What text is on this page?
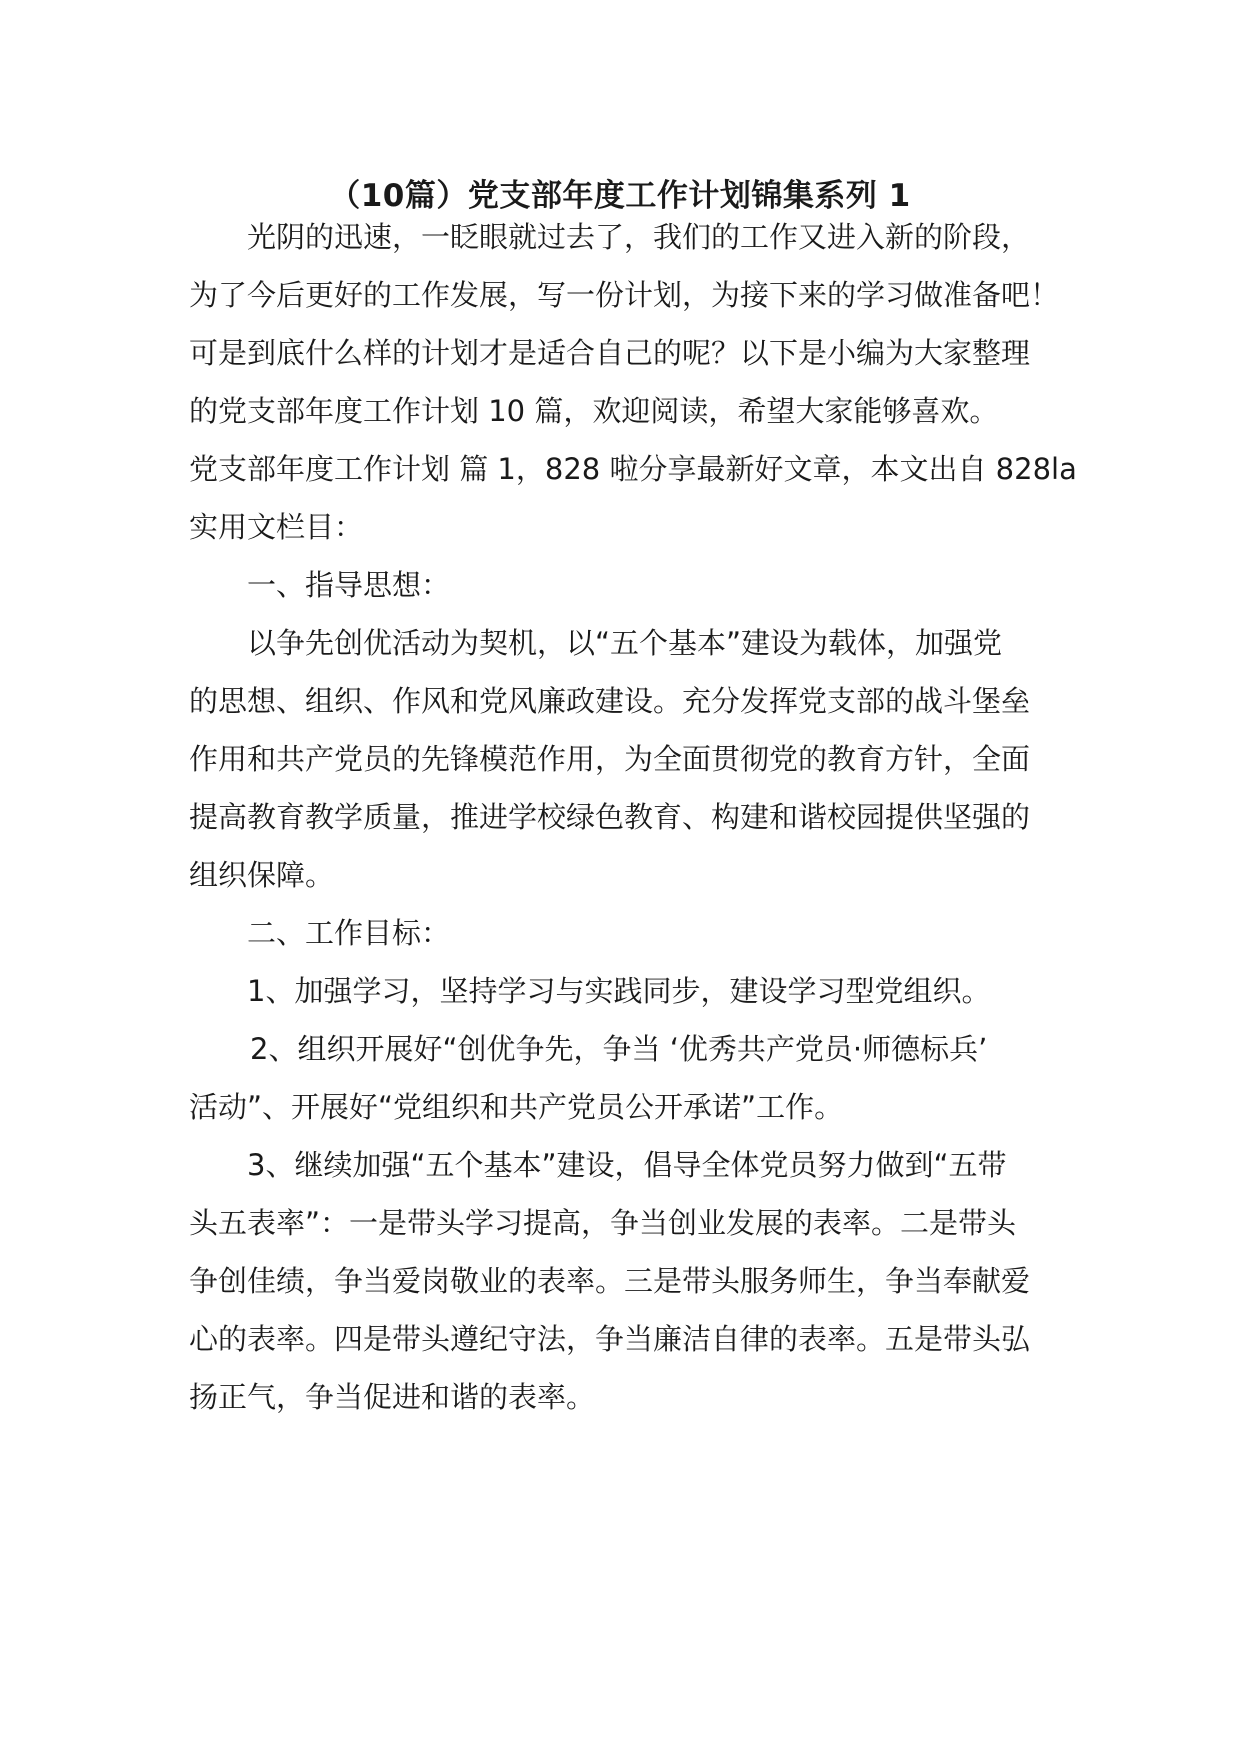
（10篇）党支部年度工作计划锦集系列 1

光阴的迅速，一眨眼就过去了，我们的工作又进入新的阶段，

为了今后更好的工作发展，写一份计划，为接下来的学习做准备吧！

可是到底什么样的计划才是适合自己的呢？以下是小编为大家整理

的党支部年度工作计划 10 篇，欢迎阅读，希望大家能够喜欢。

党支部年度工作计划 篇 1，828 啦分享最新好文章，本文出自 828la

实用文栏目：

一、指导思想：

以争先创优活动为契机，以“五个基本”建设为载体，加强党

的思想、组织、作风和党风廉政建设。充分发挥党支部的战斗堡垒

作用和共产党员的先锋模范作用，为全面贯彻党的教育方针，全面

提高教育教学质量，推进学校绿色教育、构建和谐校园提供坚强的

组织保障。

二、工作目标：

1、加强学习，坚持学习与实践同步，建设学习型党组织。

2、组织开展好“创优争先，争当 ‘优秀共产党员·师德标兵’

活动”、开展好“党组织和共产党员公开承诺”工作。

3、继续加强“五个基本”建设，倡导全体党员努力做到“五带

头五表率”：一是带头学习提高，争当创业发展的表率。二是带头

争创佳绩，争当爱岗敬业的表率。三是带头服务师生，争当奉献爱

心的表率。四是带头遵纪守法，争当廉洁自律的表率。五是带头弘

扬正气，争当促进和谐的表率。
